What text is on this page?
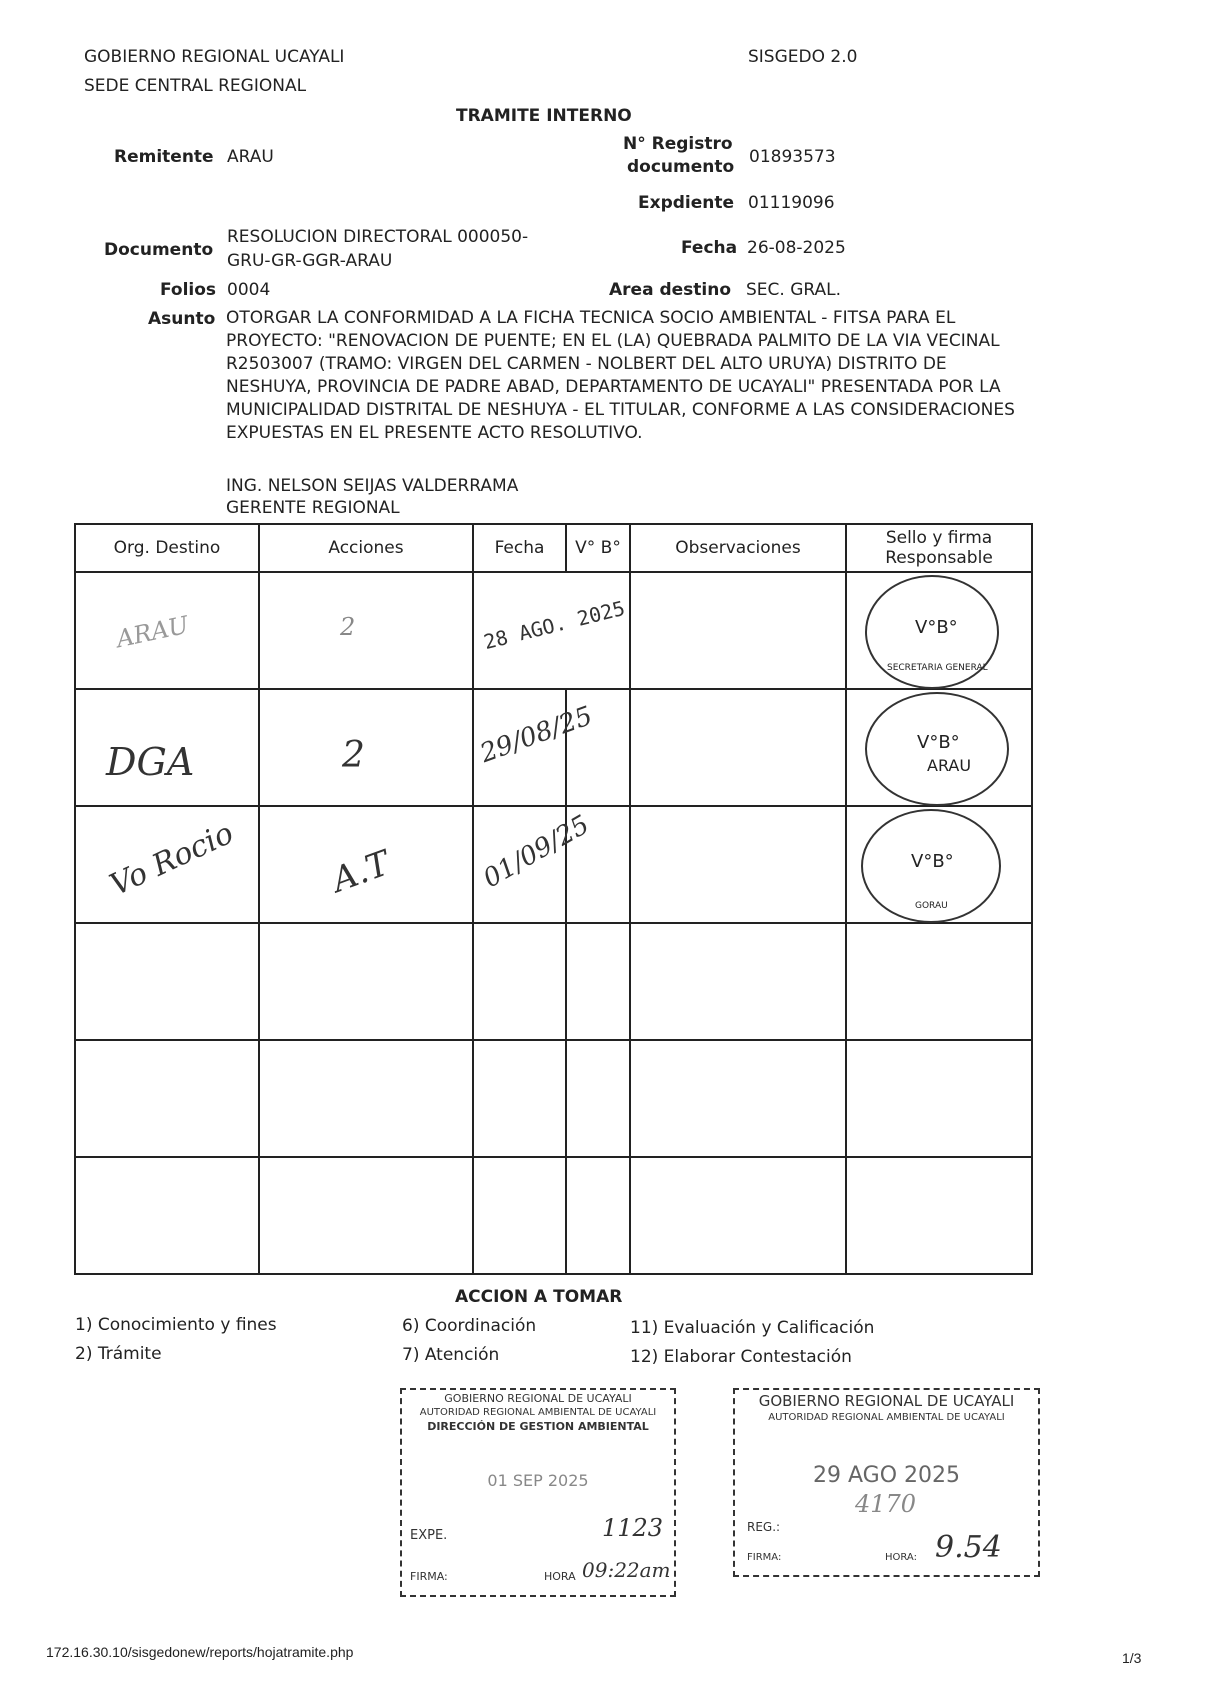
GOBIERNO REGIONAL UCAYALI
SEDE CENTRAL REGIONAL
SISGEDO 2.0
TRAMITE INTERNO
Remitente ARAU
N° Registro
documento 01893573
Expdiente 01119096
Documento
RESOLUCION DIRECTORAL 000050-
GRU-GR-GGR-ARAU
Fecha 26-08-2025
Folios 0004	Area destino SEC. GRAL.
Asunto OTORGAR LA CONFORMIDAD A LA FICHA TECNICA SOCIO AMBIENTAL - FITSA PARA EL PROYECTO: "RENOVACION DE PUENTE; EN EL (LA) QUEBRADA PALMITO DE LA VIA VECINAL R2503007 (TRAMO: VIRGEN DEL CARMEN - NOLBERT DEL ALTO URUYA) DISTRITO DE NESHUYA, PROVINCIA DE PADRE ABAD, DEPARTAMENTO DE UCAYALI" PRESENTADA POR LA MUNICIPALIDAD DISTRITAL DE NESHUYA - EL TITULAR, CONFORME A LAS CONSIDERACIONES EXPUESTAS EN EL PRESENTE ACTO RESOLUTIVO.
ING. NELSON SEIJAS VALDERRAMA
GERENTE REGIONAL
Org. Destino	Acciones	Fecha	V° B°	Observaciones	Sello y firma Responsable

ARAU	2	28 AGO. 2025			V°B°
SECRETARIA GENERAL

DGA	2	29/08/25			V°B°
ARAU

Vo Rocio	A.T	01/09/25			V°B°
GORAU

ACCION A TOMAR
1) Conocimiento y fines
2) Trámite
6) Coordinación
7) Atención
11) Evaluación y Calificación
12) Elaborar Contestación
GOBIERNO REGIONAL DE UCAYALI
AUTORIDAD REGIONAL AMBIENTAL DE UCAYALI
DIRECCIÓN DE GESTION AMBIENTAL
01 SEP 2025
EXPE.	1123
FIRMA:	HORA 09:22am
GOBIERNO REGIONAL DE UCAYALI
AUTORIDAD REGIONAL AMBIENTAL DE UCAYALI
29 AGO 2025
4170
REG.:
FIRMA:	HORA: 9.54
172.16.30.10/sisgedonew/reports/hojatramite.php	1/3
